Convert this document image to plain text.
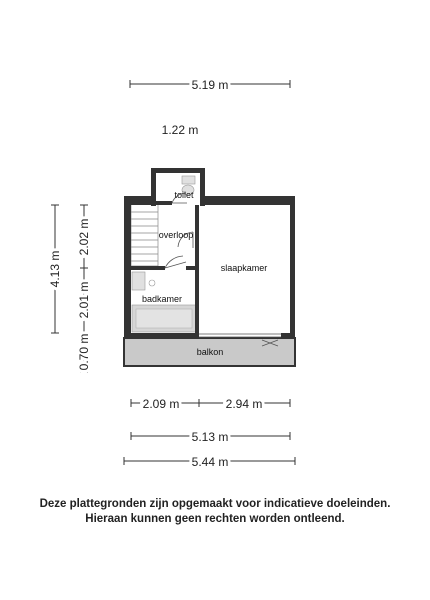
5.19 m
1.22 m
4.13 m
2.02 m
2.01 m
0.70 m
toilet
overloop
slaapkamer
badkamer
balkon
2.09 m	2.94 m
5.13 m
5.44 m
Deze plattegronden zijn opgemaakt voor indicatieve doeleinden.
Hieraan kunnen geen rechten worden ontleend.
